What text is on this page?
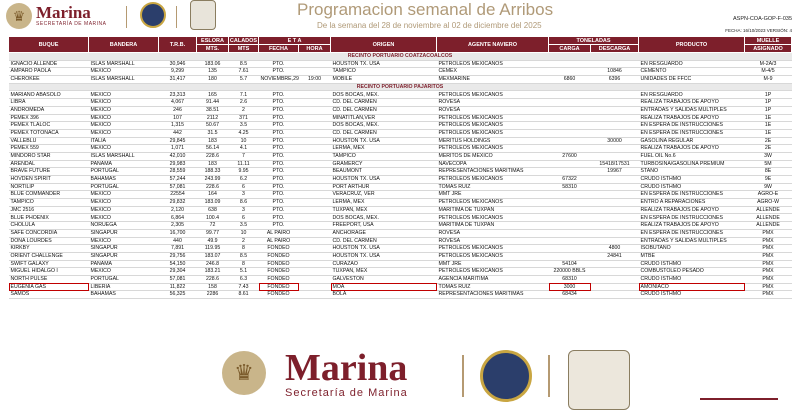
♛ Marina
SECRETARÍA DE MARINA
Programacion semanal de Arribos
De la semana del 28 de noviembre al 02 de diciembre del 2025
ASPN-COA-GOP-F-035
FECHA: 16/10/2023 VERSIÓN: 4
BUQUE	BANDERA	T.R.B.	ESLORA	CALADOS	E T A		ORIGEN	AGENTE NAVIERO	TONELADAS		PRODUCTO	MUELLE
			MTS.	MTS	FECHA	HORA			CARGA	DESCARGA		ASIGNADO
RECINTO PORTUARIO COATZACOALCOS												
IGNACIO ALLENDE	ISLAS MARSHALL	30,946	183.06	8.5	PTO.		HOUSTON TX. USA	PETROLEOS MEXICANOS			EN RESGUARDO	M-2A/3
AMPARO PAOLA	MEXICO	9,299	135	7.61	PTO.		TAMPICO	CEMEX		10846	CEMENTO	M-4/5
CHEROKEE	ISLAS MARSHALL	31,417	180	5.7	NOVIEMBRE,29	19:00	MOBILE	MEXMARINE	6860	6396	UNIDADES DE FFCC	M-9
RECINTO PORTUARIO PAJARITOS												
MARIANO ABASOLO	MEXICO	23,313	165	7.1	PTO.		DOS BOCAS, MEX.	PETROLEOS MEXICANOS			EN RESGUARDO	1P
LIBRA	MEXICO	4,067	91.44	2.6	PTO.		CD. DEL CARMEN	ROVESA			REALIZA TRABAJOS DE APOYO	1P
ANDROMEDA	MEXICO	246	38.51	2	PTO.		CD. DEL CARMEN	ROVESA			ENTRADAS Y SALIDAS MULTIPLES	1P
PEMEX 396	MEXICO	107	2112	371	PTO.		MINATITLAN,VER	PETROLEOS MEXICANOS			REALIZA TRABAJOS DE APOYO	1E
PEMEX TLALOC	MEXICO	1,315	50.67	3.5	PTO.		DOS BOCAS, MEX.	PETROLEOS MEXICANOS			EN ESPERA DE INSTRUCCIONES	1E
PEMEX TOTONACA	MEXICO	442	31.5	4.25	PTO.		CD. DEL CARMEN	PETROLEOS MEXICANOS			EN ESPERA DE INSTRUCCIONES	1E
VALLEBLU	ITALIA	29,845	183	10	PTO.		HOUSTON TX. USA	MERITUS HOLDINGS		30000	GASOLINA REGULAR	2E
PEMEX 559	MEXICO	1,071	56.14	4.1	PTO.		LERMA, MEX	PETROLEOS MEXICANOS			REALIZA TRABAJOS DE APOYO	2E
MINDORO STAR	ISLAS MARSHALL	42,010	228.6	7	PTO.		TAMPICO	MERITOS DE MEXICO	27600		FUEL OIL No.6	3W
ARENDAL	PANAMA	29,983	183	11.11	PTO.		GRAMERCY	NAVECOPA		15418/17531	TURBOSINA/GASOLINA PREMIUM	5M
BRAVE FUTURE	PORTUGAL	28,559	188.33	9.95	PTO.		BEAUMONT	REPRESENTACIONES MARITIMAS		19967	STANO	8E
HOVDEN SPIRIT	BAHAMAS	57,244	243.99	6.2	PTO.		HOUSTON TX. USA	PETROLEOS MEXICANOS	67322		CRUDO ISTHMO	9E
NORTILIP	PORTUGAL	57,081	228.6	6	PTO.		PORT ARTHUR	TOMAS RUIZ	58310		CRUDO ISTHMO	9W
BLUE COMMANDER	MEXICO	22554	164	3	PTO.		VERACRUZ, VER	MMT JRE			EN ESPERA DE INSTRUCCIONES	AGRO-E
TAMPICO	MEXICO	29,832	183.09	8.6	PTO.		LERMA, MEX	PETROLEOS MEXICANOS			ENTRO A REPARACIONES	AGRO-W
JMC 2516	MEXICO	2,120	638	3	PTO.		TUXPAN, MEX	MARITIMA DE TUXPAN			REALIZA TRABAJOS DE APOYO	ALLENDE
BLUE PHOENIX	MEXICO	6,864	100.4	6	PTO.		DOS BOCAS, MEX.	PETROLEOS MEXICANOS			EN ESPERA DE INSTRUCCIONES	ALLENDE
CHOLULA	NORUEGA	2,305	72	3.5	PTO.		FREEPORT, USA	MARITIMA DE TUXPAN			REALIZA TRABAJOS DE APOYO	ALLENDE
SAFE CONCORDIA	SINGAPUR	16,700	99.77	10	AL PAIRO		ANCHORAGE	ROVESA			EN ESPERA DE INSTRUCCIONES	PMX
DOÑA LOURDES	MEXICO	440	49.9	2	AL PAIRO		CD. DEL CARMEN	ROVESA			ENTRADAS Y SALIDAS MULTIPLES	PMX
KIRKBY	SINGAPUR	7,891	119.95	8	FONDEO		HOUSTON TX. USA	PETROLEOS MEXICANOS		4800	ISOBUTANO	PMX
ORIENT CHALLENGE	SINGAPUR	29,756	183.07	8.5	FONDEO		HOUSTON TX. USA	PETROLEOS MEXICANOS		24841	MTBE	PMX
SWIFT GALAXY	PANAMA	54,150	246.8	8	FONDEO		CURAZAO	MMT JRE	54104		CRUDO ISTHMO	PMX
MIGUEL HIDALGO I	MEXICO	29,304	183.21	5.1	FONDEO		TUXPAN, MEX	PETROLEOS MEXICANOS	220000 BBLS		COMBUSTOLEO PESADO	PMX
NORTH PULSE	PORTUGAL	57,081	228.6	6.3	FONDEO		GALVESTON	AGENCIA MARITIMA	68310		CRUDO ISTHMO	PMX
EUGENIA GAS	LIBERIA	11,822	158	7.43	FONDEO		MOA	TOMAS RUIZ	3000		AMONIACO	PMX
SAMOS	BAHAMAS	56,325	2286	8.61	FONDEO		BOLA	REPRESENTACIONES MARITIMAS	68434		CRUDO ISTHMO	PMX
♛ Marina
Secretaría de Marina
